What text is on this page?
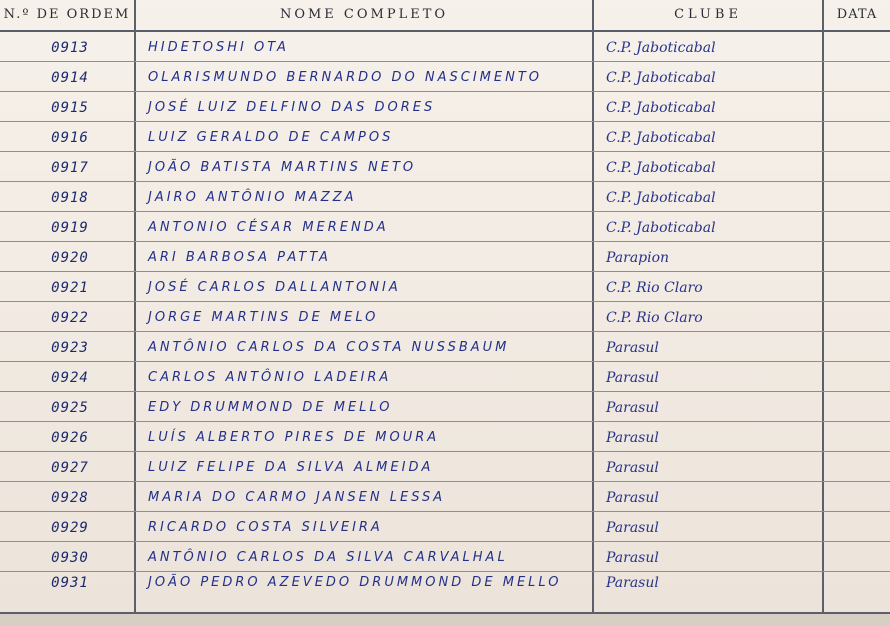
N.º DE ORDEM	NOME COMPLETO	CLUBE	DATA
0913	HIDETOSHI OTA	C.P. Jaboticabal
0914	OLARISMUNDO BERNARDO DO NASCIMENTO	C.P. Jaboticabal
0915	JOSÉ LUIZ DELFINO DAS DORES	C.P. Jaboticabal
0916	LUIZ GERALDO DE CAMPOS	C.P. Jaboticabal
0917	JOÃO BATISTA MARTINS NETO	C.P. Jaboticabal
0918	JAIRO ANTÔNIO MAZZA	C.P. Jaboticabal
0919	ANTONIO CÉSAR MERENDA	C.P. Jaboticabal
0920	ARI BARBOSA PATTA	Parapion
0921	JOSÉ CARLOS DALLANTONIA	C.P. Rio Claro
0922	JORGE MARTINS DE MELO	C.P. Rio Claro
0923	ANTÔNIO CARLOS DA COSTA NUSSBAUM	Parasul
0924	CARLOS ANTÔNIO LADEIRA	Parasul
0925	EDY DRUMMOND DE MELLO	Parasul
0926	LUÍS ALBERTO PIRES DE MOURA	Parasul
0927	LUIZ FELIPE DA SILVA ALMEIDA	Parasul
0928	MARIA DO CARMO JANSEN LESSA	Parasul
0929	RICARDO COSTA SILVEIRA	Parasul
0930	ANTÔNIO CARLOS DA SILVA CARVALHAL	Parasul
0931	JOÃO PEDRO AZEVEDO DRUMMOND DE MELLO	Parasul
